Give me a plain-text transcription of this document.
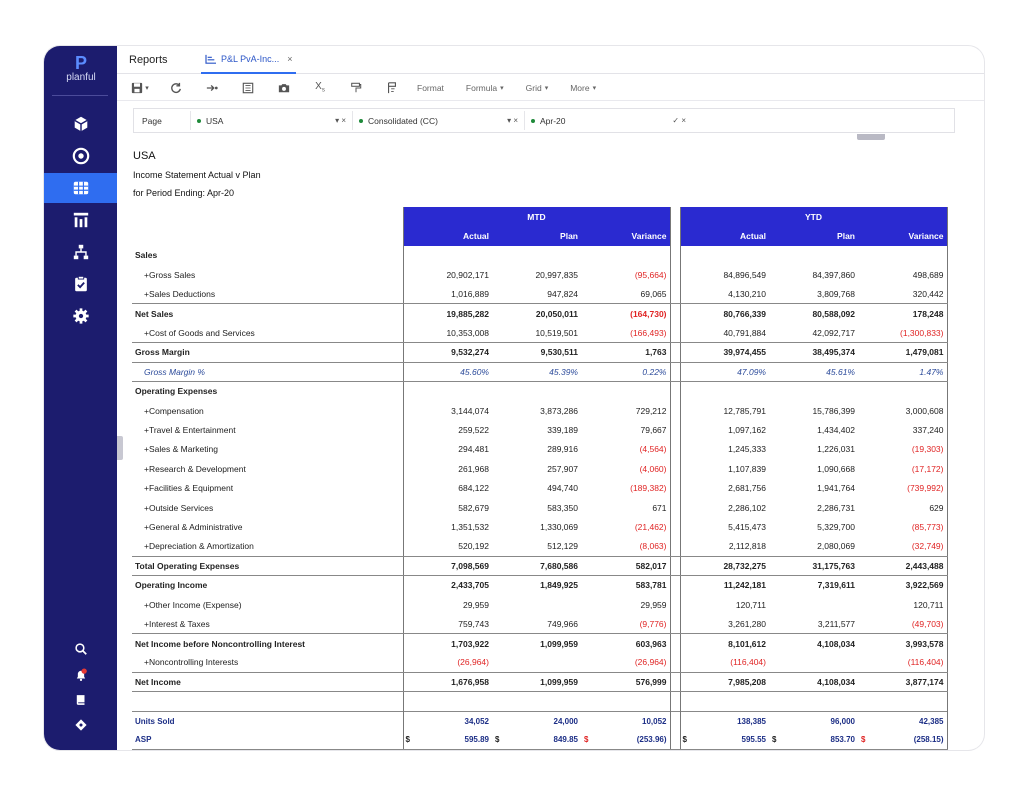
P
planful
Reports	P&L PvA-Inc... ×
▾	$X_s$	Format	Formula ▾	Grid ▾	More ▾
Page	USA	▾ ×	Consolidated (CC)	▾ ×	Apr-20	✓ ×
USA
Income Statement Actual v Plan
for Period Ending: Apr-20
	MTD				YTD		
	Actual	Plan	Variance		Actual	Plan	Variance
Sales							
+Gross Sales	20,902,171	20,997,835	(95,664)		84,896,549	84,397,860	498,689
+Sales Deductions	1,016,889	947,824	69,065		4,130,210	3,809,768	320,442
Net Sales	19,885,282	20,050,011	(164,730)		80,766,339	80,588,092	178,248
+Cost of Goods and Services	10,353,008	10,519,501	(166,493)		40,791,884	42,092,717	(1,300,833)
Gross Margin	9,532,274	9,530,511	1,763		39,974,455	38,495,374	1,479,081
Gross Margin %	45.60%	45.39%	0.22%		47.09%	45.61%	1.47%
Operating Expenses							
+Compensation	3,144,074	3,873,286	729,212		12,785,791	15,786,399	3,000,608
+Travel & Entertainment	259,522	339,189	79,667		1,097,162	1,434,402	337,240
+Sales & Marketing	294,481	289,916	(4,564)		1,245,333	1,226,031	(19,303)
+Research & Development	261,968	257,907	(4,060)		1,107,839	1,090,668	(17,172)
+Facilities & Equipment	684,122	494,740	(189,382)		2,681,756	1,941,764	(739,992)
+Outside Services	582,679	583,350	671		2,286,102	2,286,731	629
+General & Administrative	1,351,532	1,330,069	(21,462)		5,415,473	5,329,700	(85,773)
+Depreciation & Amortization	520,192	512,129	(8,063)		2,112,818	2,080,069	(32,749)
Total Operating Expenses	7,098,569	7,680,586	582,017		28,732,275	31,175,763	2,443,488
Operating Income	2,433,705	1,849,925	583,781		11,242,181	7,319,611	3,922,569
+Other Income (Expense)	29,959		29,959		120,711		120,711
+Interest & Taxes	759,743	749,966	(9,776)		3,261,280	3,211,577	(49,703)
Net Income before Noncontrolling Interest	1,703,922	1,099,959	603,963		8,101,612	4,108,034	3,993,578
+Noncontrolling Interests	(26,964)		(26,964)		(116,404)		(116,404)
Net Income	1,676,958	1,099,959	576,999		7,985,208	4,108,034	3,877,174

Units Sold	34,052	24,000	10,052		138,385	96,000	42,385
ASP	$ 595.89	$ 849.85	$ (253.96)		$ 595.55	$ 853.70	$ (258.15)
